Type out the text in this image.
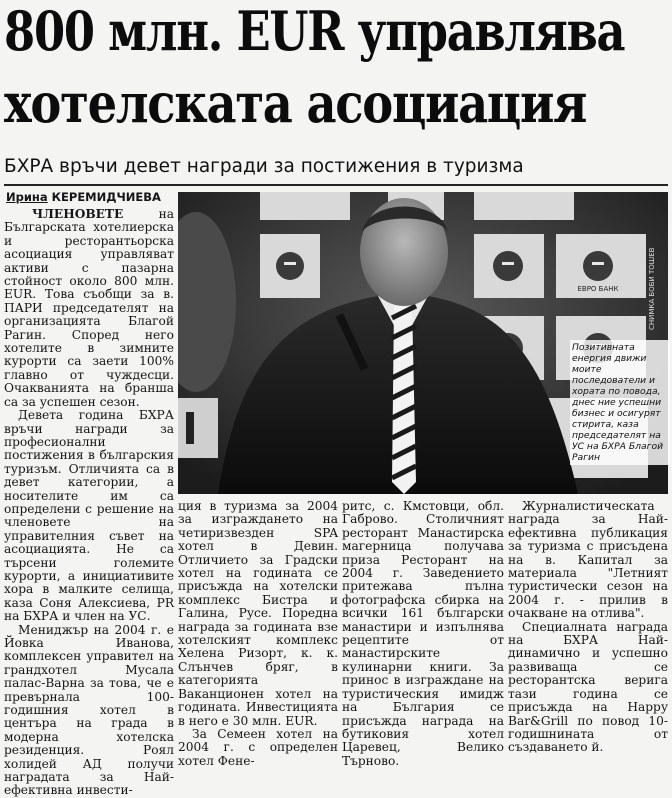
800 млн. EUR управлява
хотелската асоциация
БХРА връчи девет награди за постижения в туризма
Ирина КЕРЕМИДЧИЕВА

ЧЛЕНОВЕТЕ на Българската хотелиерска и ресторантьорска асоциация управляват активи с пазарна стойност около 800 млн. EUR. Това съобщи за в. ПАРИ председателят на организацията Благой Рагин. Според него хотелите в зимните курорти са заети 100% главно от чуждесци. Очакванията на бранша са за успешен сезон.

Девета година БХРА връчи награди за професионални постижения в българския туризъм. Отличията са в девет категории, а носителите им са определени с решение на членовете на управителния съвет на асоциацията. Не са търсени големите курорти, а инициативите хора в малките селища, каза Соня Алексиева, PR на БХРА и член на УС.

Мениджър на 2004 г. е Йовка Иванова, комплексен управител на грандхотел Мусала палас-Варна за това, че е превърнала 100-годишния хотел в центъра на града в модерна хотелска резиденция. Роял холидей АД получи наградата за Най-ефективна инвести-

ЕВРО БАНК	СНИМКА БОБИ ТОШЕВ
Позитивната енергия движи моите последователи и хората по повода, днес ние успешни бизнес и осигурят стирита, каза председателят на УС на БХРА Благой Рагин

ция в туризма за 2004 за изграждането на четиризвезден SPA хотел в Девин. Отличието за Градски хотел на годината се присъжда на хотелски комплекс Бистра и Галина, Русе. Поредна награда за годината взе хотелският комплекс Хелена Ризорт, к. к. Слънчев бряг, в категорията Ваканционен хотел на годината. Инвестицията в него е 30 млн. EUR.

За Семеен хотел на 2004 г. с определен хотел Фене-

ритс, с. Кмстовци, обл. Габрово. Столичният ресторант Манастирска магерница получава приза Ресторант на 2004 г. Заведението притежава пълна фотографска сбирка на всички 161 български манастири и изпълнява рецептите от манастирските кулинарни книги. За принос в изграждане на туристическия имидж на България се присъжда награда на бутиковия хотел Царевец, Велико Търново.

Журналистическата награда за Най-ефективна публикация за туризма с присъдена на в. Капитал за материала "Летният туристически сезон на 2004 г. - прилив в очакване на отлива".

Специалната награда на БХРА Най-динамично и успешно развиваща се ресторантска верига тази година се присъжда на Нарру Bar&Grill по повод 10-годишнината от създаването й.
